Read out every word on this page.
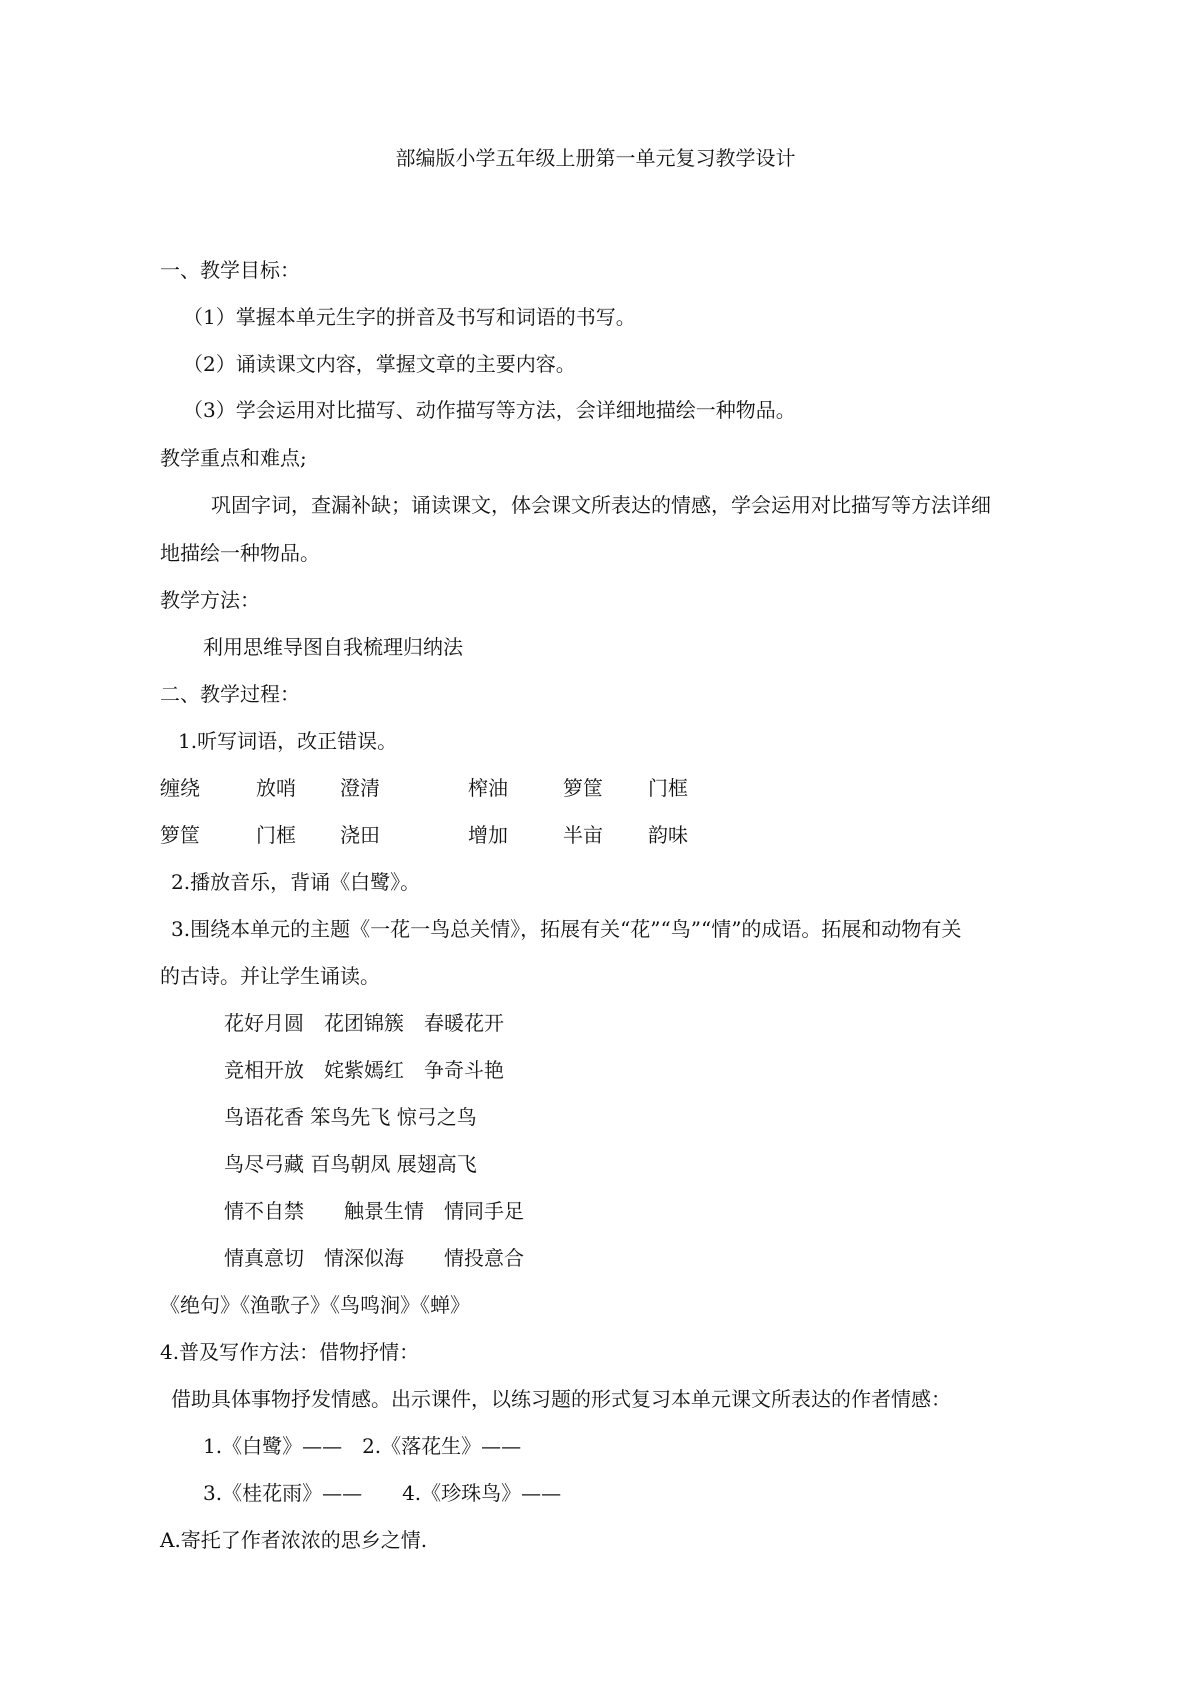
部编版小学五年级上册第一单元复习教学设计
一、教学目标：
（1）掌握本单元生字的拼音及书写和词语的书写。
（2）诵读课文内容，掌握文章的主要内容。
（3）学会运用对比描写、动作描写等方法，会详细地描绘一种物品。
教学重点和难点;
巩固字词，查漏补缺；诵读课文，体会课文所表达的情感，学会运用对比描写等方法详细
地描绘一种物品。
教学方法：
利用思维导图自我梳理归纳法
二、教学过程：
1.听写词语，改正错误。
缠绕	放哨 澄清	榨油	箩筐 门框
箩筐	门框 浇田	增加	半亩 韵味
2.播放音乐，背诵《白鹭》。
3.围绕本单元的主题《一花一鸟总关情》，拓展有关“花”“鸟”“情”的成语。拓展和动物有关
的古诗。并让学生诵读。
花好月圆　花团锦簇　春暖花开
竞相开放　姹紫嫣红　争奇斗艳
鸟语花香 笨鸟先飞 惊弓之鸟
鸟尽弓藏 百鸟朝凤 展翅高飞
情不自禁　　触景生情　情同手足
情真意切　情深似海　　情投意合
《绝句》《渔歌子》《鸟鸣涧》《蝉》
4.普及写作方法：借物抒情：
借助具体事物抒发情感。出示课件，以练习题的形式复习本单元课文所表达的作者情感：
1.《白鹭》——　2.《落花生》——
3.《桂花雨》——　　4.《珍珠鸟》——
A.寄托了作者浓浓的思乡之情.
